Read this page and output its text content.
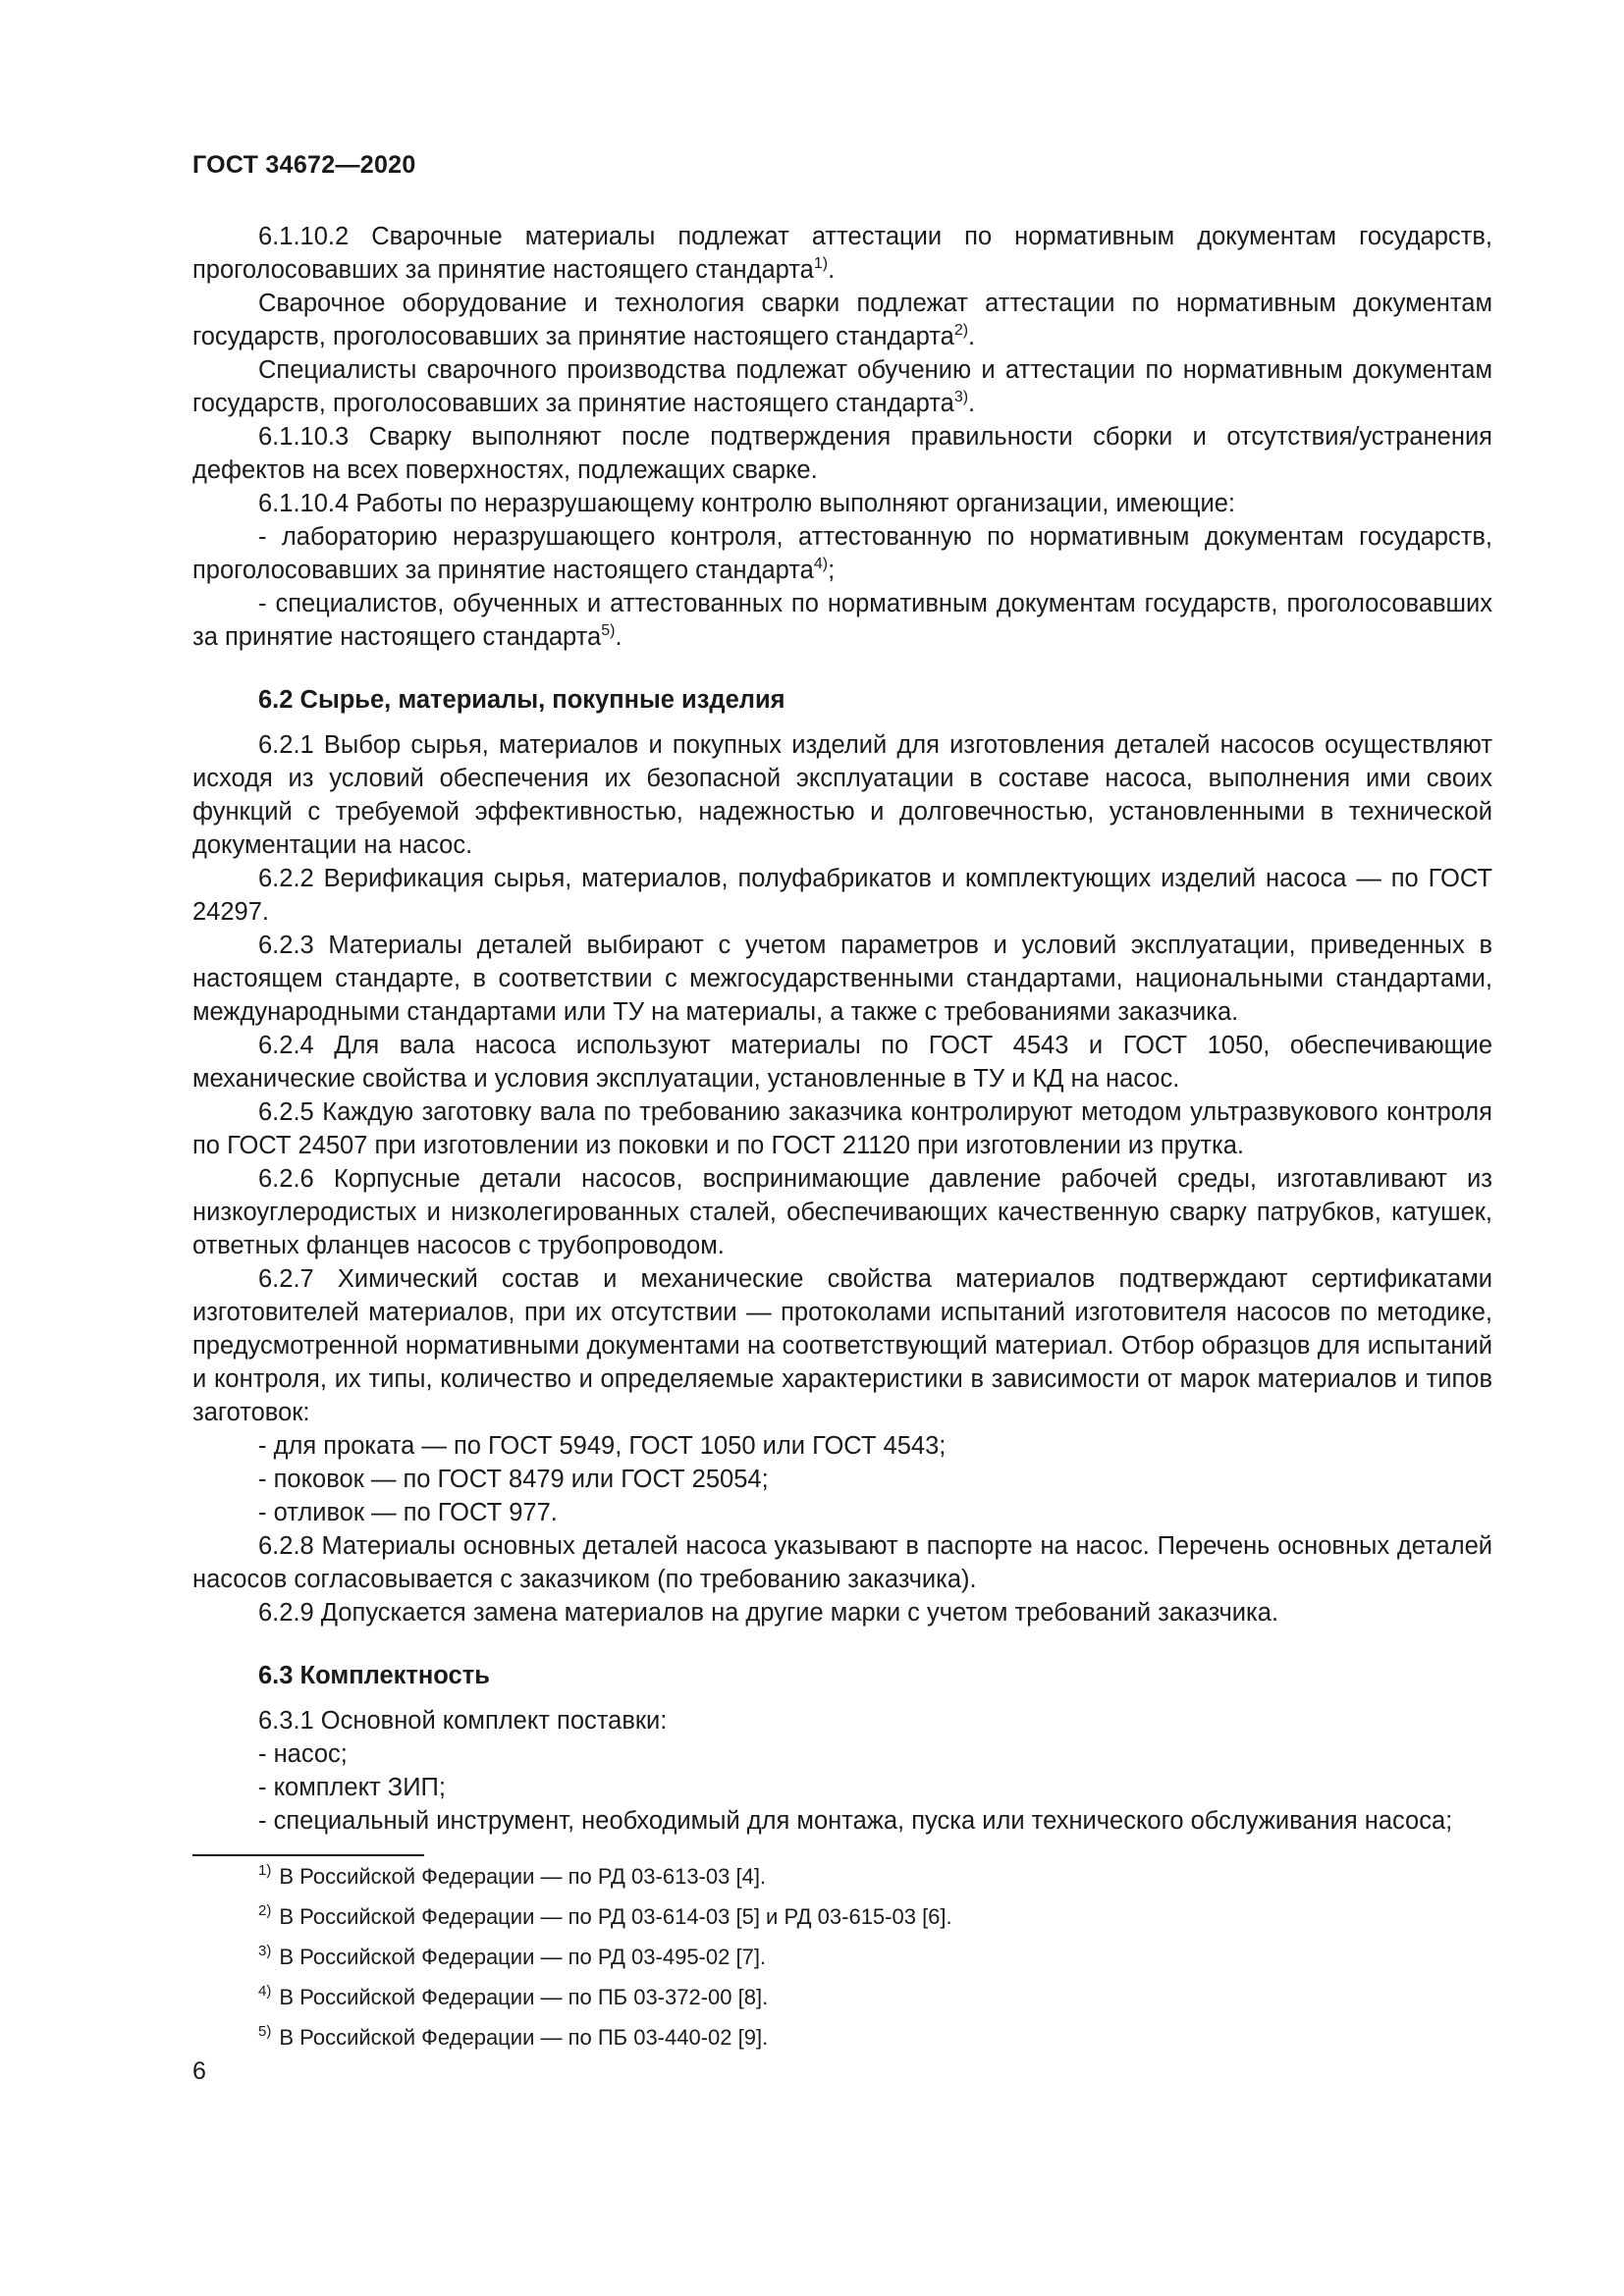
ГОСТ 34672—2020

6.1.10.2 Сварочные материалы подлежат аттестации по нормативным документам государств, проголосовавших за принятие настоящего стандарта$^{1)}$.

Сварочное оборудование и технология сварки подлежат аттестации по нормативным документам государств, проголосовавших за принятие настоящего стандарта$^{2)}$.

Специалисты сварочного производства подлежат обучению и аттестации по нормативным документам государств, проголосовавших за принятие настоящего стандарта$^{3)}$.

6.1.10.3 Сварку выполняют после подтверждения правильности сборки и отсутствия/устранения дефектов на всех поверхностях, подлежащих сварке.

6.1.10.4 Работы по неразрушающему контролю выполняют организации, имеющие:

- лабораторию неразрушающего контроля, аттестованную по нормативным документам государств, проголосовавших за принятие настоящего стандарта$^{4)}$;

- специалистов, обученных и аттестованных по нормативным документам государств, проголосовавших за принятие настоящего стандарта$^{5)}$.

6.2 Сырье, материалы, покупные изделия

6.2.1 Выбор сырья, материалов и покупных изделий для изготовления деталей насосов осуществляют исходя из условий обеспечения их безопасной эксплуатации в составе насоса, выполнения ими своих функций с требуемой эффективностью, надежностью и долговечностью, установленными в технической документации на насос.

6.2.2 Верификация сырья, материалов, полуфабрикатов и комплектующих изделий насоса — по ГОСТ 24297.

6.2.3 Материалы деталей выбирают с учетом параметров и условий эксплуатации, приведенных в настоящем стандарте, в соответствии с межгосударственными стандартами, национальными стандартами, международными стандартами или ТУ на материалы, а также с требованиями заказчика.

6.2.4 Для вала насоса используют материалы по ГОСТ 4543 и ГОСТ 1050, обеспечивающие механические свойства и условия эксплуатации, установленные в ТУ и КД на насос.

6.2.5 Каждую заготовку вала по требованию заказчика контролируют методом ультразвукового контроля по ГОСТ 24507 при изготовлении из поковки и по ГОСТ 21120 при изготовлении из прутка.

6.2.6 Корпусные детали насосов, воспринимающие давление рабочей среды, изготавливают из низкоуглеродистых и низколегированных сталей, обеспечивающих качественную сварку патрубков, катушек, ответных фланцев насосов с трубопроводом.

6.2.7 Химический состав и механические свойства материалов подтверждают сертификатами изготовителей материалов, при их отсутствии — протоколами испытаний изготовителя насосов по методике, предусмотренной нормативными документами на соответствующий материал. Отбор образцов для испытаний и контроля, их типы, количество и определяемые характеристики в зависимости от марок материалов и типов заготовок:

- для проката — по ГОСТ 5949, ГОСТ 1050 или ГОСТ 4543;

- поковок — по ГОСТ 8479 или ГОСТ 25054;

- отливок — по ГОСТ 977.

6.2.8 Материалы основных деталей насоса указывают в паспорте на насос. Перечень основных деталей насосов согласовывается с заказчиком (по требованию заказчика).

6.2.9 Допускается замена материалов на другие марки с учетом требований заказчика.

6.3 Комплектность

6.3.1 Основной комплект поставки:

- насос;

- комплект ЗИП;

- специальный инструмент, необходимый для монтажа, пуска или технического обслуживания насоса;

$^{1)}$ В Российской Федерации — по РД 03-613-03 [4].
$^{2)}$ В Российской Федерации — по РД 03-614-03 [5] и РД 03-615-03 [6].
$^{3)}$ В Российской Федерации — по РД 03-495-02 [7].
$^{4)}$ В Российской Федерации — по ПБ 03-372-00 [8].
$^{5)}$ В Российской Федерации — по ПБ 03-440-02 [9].
6
